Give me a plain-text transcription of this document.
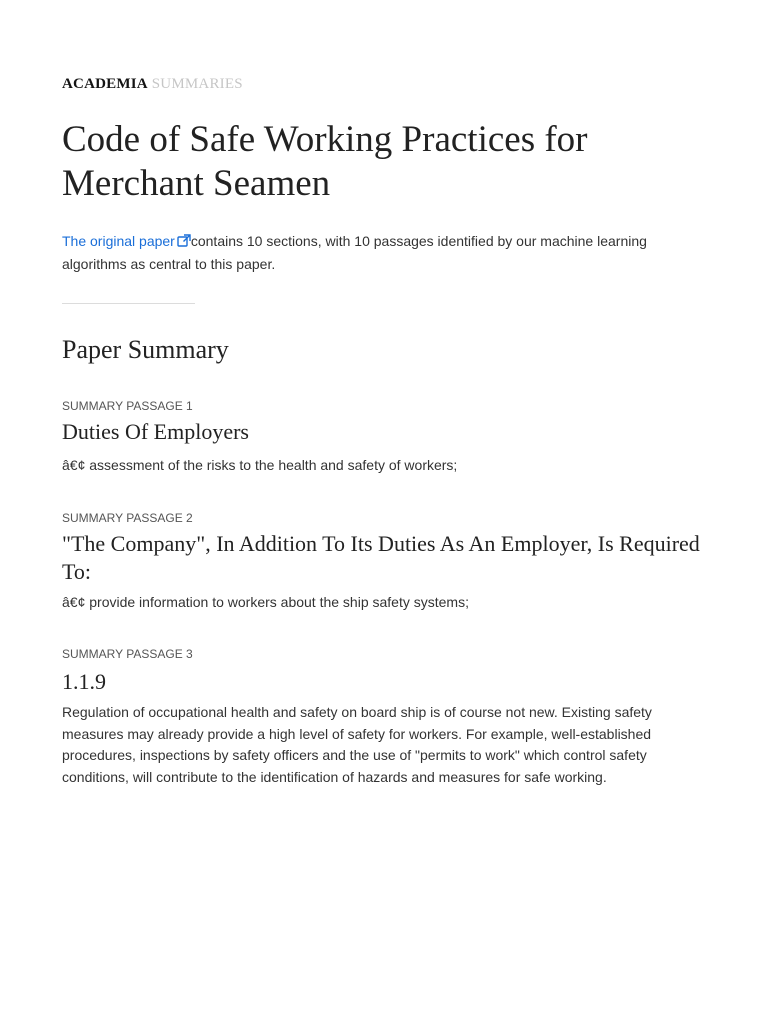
ACADEMIA SUMMARIES
Code of Safe Working Practices for Merchant Seamen

The original paper contains 10 sections, with 10 passages identified by our machine learning algorithms as central to this paper.

Paper Summary
SUMMARY PASSAGE 1
Duties Of Employers

â€¢ assessment of the risks to the health and safety of workers;

SUMMARY PASSAGE 2
"The Company", In Addition To Its Duties As An Employer, Is Required To:

â€¢ provide information to workers about the ship safety systems;

SUMMARY PASSAGE 3
1.1.9

Regulation of occupational health and safety on board ship is of course not new. Existing safety measures may already provide a high level of safety for workers. For example, well-established procedures, inspections by safety officers and the use of "permits to work" which control safety conditions, will contribute to the identification of hazards and measures for safe working.
